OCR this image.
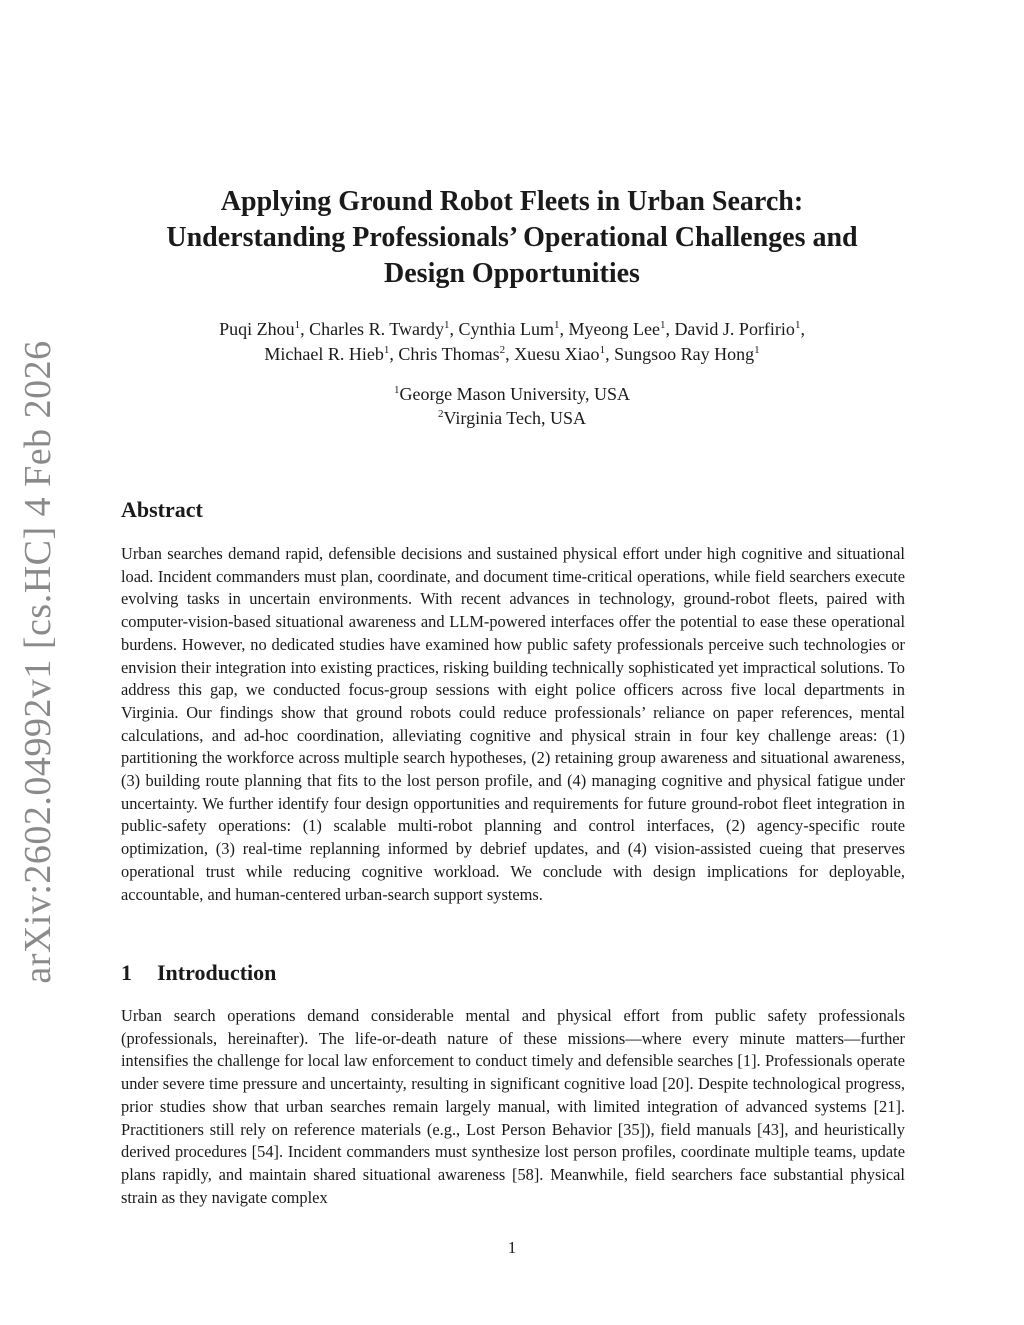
arXiv:2602.04992v1 [cs.HC] 4 Feb 2026
Applying Ground Robot Fleets in Urban Search:
Understanding Professionals’ Operational Challenges and
Design Opportunities
Puqi Zhou$^1$, Charles R. Twardy$^1$, Cynthia Lum$^1$, Myeong Lee$^1$, David J. Porfirio$^1$,
Michael R. Hieb$^1$, Chris Thomas$^2$, Xuesu Xiao$^1$, Sungsoo Ray Hong$^1$
$^1$George Mason University, USA
$^2$Virginia Tech, USA
Abstract

Urban searches demand rapid, defensible decisions and sustained physical effort under high cognitive and situational load. Incident commanders must plan, coordinate, and document time-critical operations, while field searchers execute evolving tasks in uncertain environments. With recent advances in technology, ground-robot fleets, paired with computer-vision-based situational awareness and LLM-powered interfaces offer the potential to ease these operational burdens. However, no dedicated studies have examined how public safety professionals perceive such technologies or envision their integration into existing practices, risking building technically sophisticated yet impractical solutions. To address this gap, we conducted focus-group sessions with eight police officers across five local departments in Virginia. Our findings show that ground robots could reduce professionals’ reliance on paper references, mental calculations, and ad-hoc coordination, alleviating cognitive and physical strain in four key challenge areas: (1) partitioning the workforce across multiple search hypotheses, (2) retaining group awareness and situational awareness, (3) building route planning that fits to the lost person profile, and (4) managing cognitive and physical fatigue under uncertainty. We further identify four design opportunities and requirements for future ground-robot fleet integration in public-safety operations: (1) scalable multi-robot planning and control interfaces, (2) agency-specific route optimization, (3) real-time replanning informed by debrief updates, and (4) vision-assisted cueing that preserves operational trust while reducing cognitive workload. We conclude with design implications for deployable, accountable, and human-centered urban-search support systems.

1 Introduction

Urban search operations demand considerable mental and physical effort from public safety professionals (professionals, hereinafter). The life-or-death nature of these missions—where every minute matters—further intensifies the challenge for local law enforcement to conduct timely and defensible searches [1]. Professionals operate under severe time pressure and uncertainty, resulting in significant cognitive load [20]. Despite technological progress, prior studies show that urban searches remain largely manual, with limited integration of advanced systems [21]. Practitioners still rely on reference materials (e.g., Lost Person Behavior [35]), field manuals [43], and heuristically derived procedures [54]. Incident commanders must synthesize lost person profiles, coordinate multiple teams, update plans rapidly, and maintain shared situational awareness [58]. Meanwhile, field searchers face substantial physical strain as they navigate complex

1
